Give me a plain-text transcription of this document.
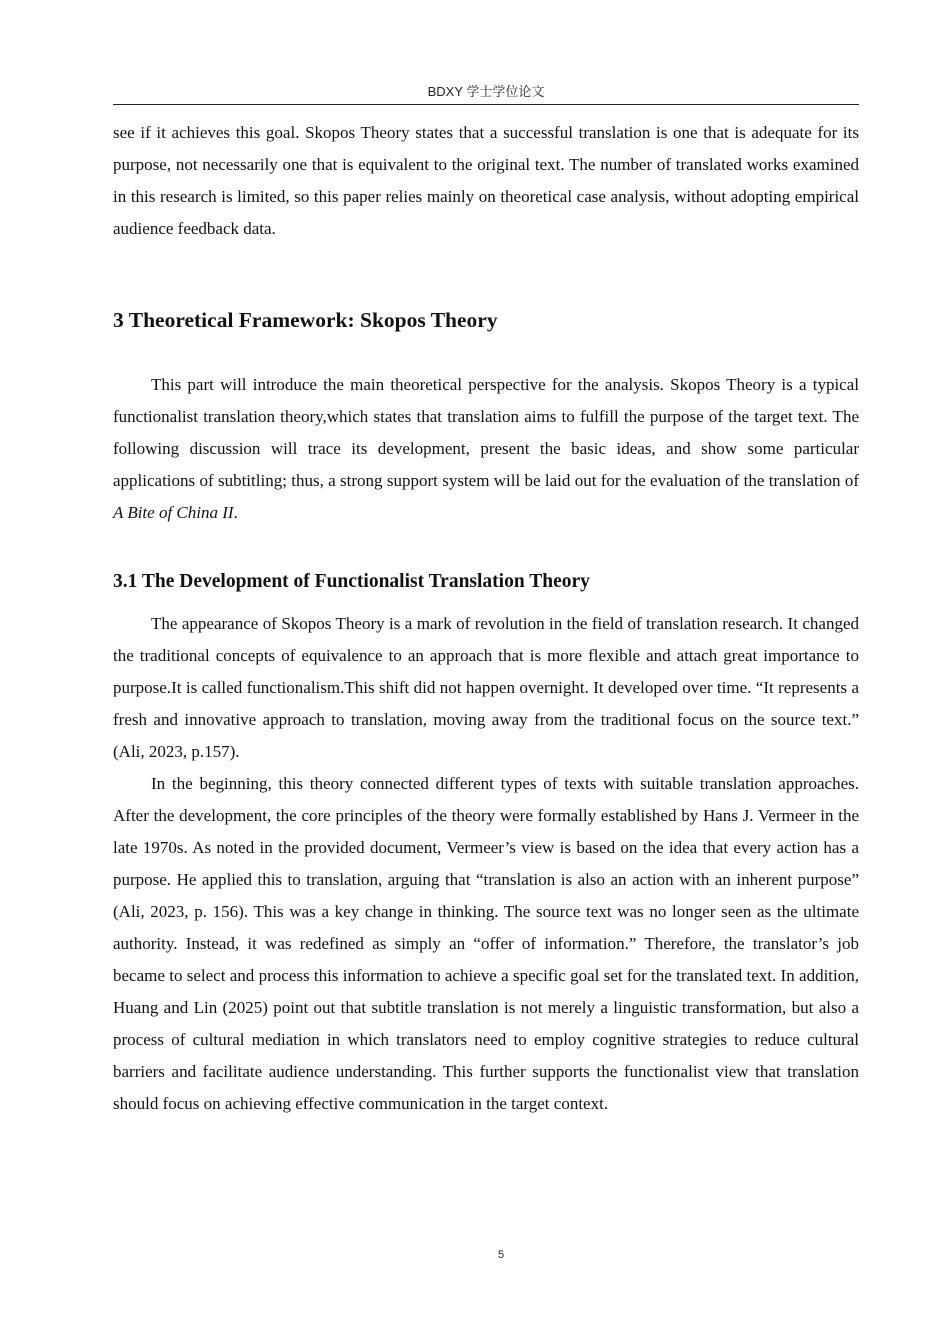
BDXY 学士学位论文

see if it achieves this goal. Skopos Theory states that a successful translation is one that is adequate for its purpose, not necessarily one that is equivalent to the original text. The number of translated works examined in this research is limited, so this paper relies mainly on theoretical case analysis, without adopting empirical audience feedback data.

3 Theoretical Framework: Skopos Theory

This part will introduce the main theoretical perspective for the analysis. Skopos Theory is a typical functionalist translation theory,which states that translation aims to fulfill the purpose of the target text. The following discussion will trace its development, present the basic ideas, and show some particular applications of subtitling; thus, a strong support system will be laid out for the evaluation of the translation of A Bite of China II.

3.1 The Development of Functionalist Translation Theory

The appearance of Skopos Theory is a mark of revolution in the field of translation research. It changed the traditional concepts of equivalence to an approach that is more flexible and attach great importance to purpose.It is called functionalism.This shift did not happen overnight. It developed over time. “It represents a fresh and innovative approach to translation, moving away from the traditional focus on the source text.” (Ali, 2023, p.157).

In the beginning, this theory connected different types of texts with suitable translation approaches. After the development, the core principles of the theory were formally established by Hans J. Vermeer in the late 1970s. As noted in the provided document, Vermeer’s view is based on the idea that every action has a purpose. He applied this to translation, arguing that “translation is also an action with an inherent purpose” (Ali, 2023, p. 156). This was a key change in thinking. The source text was no longer seen as the ultimate authority. Instead, it was redefined as simply an “offer of information.” Therefore, the translator’s job became to select and process this information to achieve a specific goal set for the translated text. In addition, Huang and Lin (2025) point out that subtitle translation is not merely a linguistic transformation, but also a process of cultural mediation in which translators need to employ cognitive strategies to reduce cultural barriers and facilitate audience understanding. This further supports the functionalist view that translation should focus on achieving effective communication in the target context.

5
